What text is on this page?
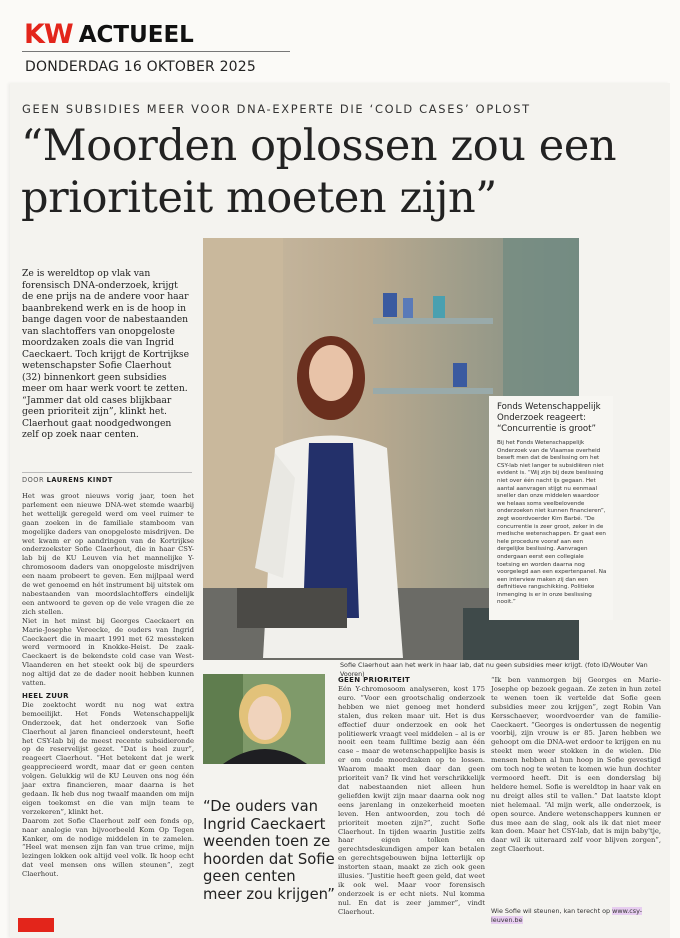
KW ACTUEEL
DONDERDAG 16 OKTOBER 2025
GEEN SUBSIDIES MEER VOOR DNA-EXPERTE DIE ‘COLD CASES’ OPLOST
“Moorden oplossen zou een prioriteit moeten zijn”
Fonds Wetenschappelijk Onderzoek reageert: “Concurrentie is groot”
Bij het Fonds Wetenschappelijk Onderzoek van de Vlaamse overheid beseft men dat de beslissing om het CSY-lab niet langer te subsidiëren niet evident is. “Wij zijn bij deze beslissing niet over één nacht ijs gegaan. Het aantal aanvragen stijgt nu eenmaal sneller dan onze middelen waardoor we helaas soms veelbelovende onderzoeken niet kunnen financieren”, zegt woordvoerder Kim Barbé. “De concurrentie is zeer groot, zeker in de medische wetenschappen. Er gaat een hele procedure vooraf aan een dergelijke beslissing. Aanvragen ondergaan eerst een collegiale toetsing en worden daarna nog voorgelegd aan een expertenpanel. Na een interview maken zij dan een definitieve rangschikking. Politieke inmenging is er in onze beslissing nooit.”
Sofie Claerhout aan het werk in haar lab, dat nu geen subsidies meer krijgt. (foto ID/Wouter Van Vooren)
Ze is wereldtop op vlak van forensisch DNA-onderzoek, krijgt de ene prijs na de andere voor haar baanbrekend werk en is de hoop in bange dagen voor de nabestaanden van slachtoffers van onopgeloste moordzaken zoals die van Ingrid Caeckaert. Toch krijgt de Kortrijkse wetenschapster Sofie Claerhout (32) binnenkort geen subsidies meer om haar werk voort te zetten. “Jammer dat old cases blijkbaar geen prioriteit zijn”, klinkt het. Claerhout gaat noodgedwongen zelf op zoek naar centen.
DOOR LAURENS KINDT
Het was groot nieuws vorig jaar, toen het parlement een nieuwe DNA-wet stemde waarbij het wettelijk geregeld werd om veel ruimer te gaan zoeken in de familiale stamboom van mogelijke daders van onopgeloste misdrijven. De wet kwam er op aandringen van de Kortrijkse onderzoekster Sofie Claerhout, die in haar CSY-lab bij de KU Leuven via het mannelijke Y-chromosoom daders van onopgeloste misdrijven een naam probeert te geven. Een mijlpaal werd de wet genoemd en hét instrument bij uitstek om nabestaanden van moordslachtoffers eindelijk een antwoord te geven op de vele vragen die ze zich stellen.
Niet in het minst bij Georges Caeckaert en Marie-Josephe Vereecke, de ouders van Ingrid Caeckaert die in maart 1991 met 62 messteken werd vermoord in Knokke-Heist. De zaak-Caeckaert is de bekendste cold case van West-Vlaanderen en het steekt ook bij de speurders nog altijd dat ze de dader nooit hebben kunnen vatten.
HEEL ZUUR
Die zoektocht wordt nu nog wat extra bemoeilijkt. Het Fonds Wetenschappelijk Onderzoek, dat het onderzoek van Sofie Claerhout al jaren financieel ondersteunt, heeft het CSY-lab bij de meest recente subsidieronde op de reservelijst gezet. “Dat is heel zuur”, reageert Claerhout. “Het betekent dat je werk geapprecieerd wordt, maar dat er geen centen volgen. Gelukkig wil de KU Leuven ons nog één jaar extra financieren, maar daarna is het gedaan. Ik heb dus nog twaalf maanden om mijn eigen toekomst en die van mijn team te verzekeren”, klinkt het.
Daarom zet Sofie Claerhout zelf een fonds op, naar analogie van bijvoorbeeld Kom Op Tegen Kanker, om de nodige middelen in te zamelen. “Heel wat mensen zijn fan van true crime, mijn lezingen lokken ook altijd veel volk. Ik hoop echt dat veel mensen ons willen steunen”, zegt Claerhout.
“De ouders van Ingrid Caeckaert weenden toen ze hoorden dat Sofie geen centen meer zou krijgen”
GEEN PRIORITEIT
Eén Y-chromosoom analyseren, kost 175 euro. “Voor een grootschalig onderzoek hebben we niet genoeg met honderd stalen, dus reken maar uit. Het is dus effectief duur onderzoek en ook het politiewerk vraagt veel middelen – al is er nooit een team fulltime bezig aan één case – maar de wetenschappelijke basis is er om oude moordzaken op te lossen. Waarom maakt men daar dan geen prioriteit van? Ik vind het verschrikkelijk dat nabestaanden niet alleen hun geliefden kwijt zijn maar daarna ook nog eens jarenlang in onzekerheid moeten leven. Hen antwoorden, zou toch dé prioriteit moeten zijn?”, zucht Sofie Claerhout. In tijden waarin Justitie zelfs haar eigen tolken en gerechtsdeskundigen amper kan betalen en gerechtsgebouwen bijna letterlijk op instorten staan, maakt ze zich ook geen illusies. “Justitie heeft geen geld, dat weet ik ook wel. Maar voor forensisch onderzoek is er echt niets. Nul komma nul. En dat is zeer jammer”, vindt Claerhout.
“Ik ben vanmorgen bij Georges en Marie-Josephe op bezoek gegaan. Ze zeten in hun zetel te wenen toen ik vertelde dat Sofie geen subsidies meer zou krijgen”, zegt Robin Van Kersschaever, woordvoerder van de familie-Caeckaert. “Georges is ondertussen de negentig voorbij, zijn vrouw is er 85. Jaren hebben we gehoopt om die DNA-wet erdoor te krijgen en nu steekt men weer stokken in de wielen. Die mensen hebben al hun hoop in Sofie gevestigd om toch nog te weten te komen wie hun dochter vermoord heeft. Dit is een donderslag bij heldere hemel. Sofie is wereldtop in haar vak en nu dreigt alles stil te vallen.” Dat laatste klopt niet helemaal. “Al mijn werk, alle onderzoek, is open source. Andere wetenschappers kunnen er dus mee aan de slag, ook als ik dat niet meer kan doen. Maar het CSY-lab, dat is mijn baby'tje, daar wil ik uiteraard zelf voor blijven zorgen”, zegt Claerhout.
Wie Sofie wil steunen, kan terecht op www.csy-leuven.be
